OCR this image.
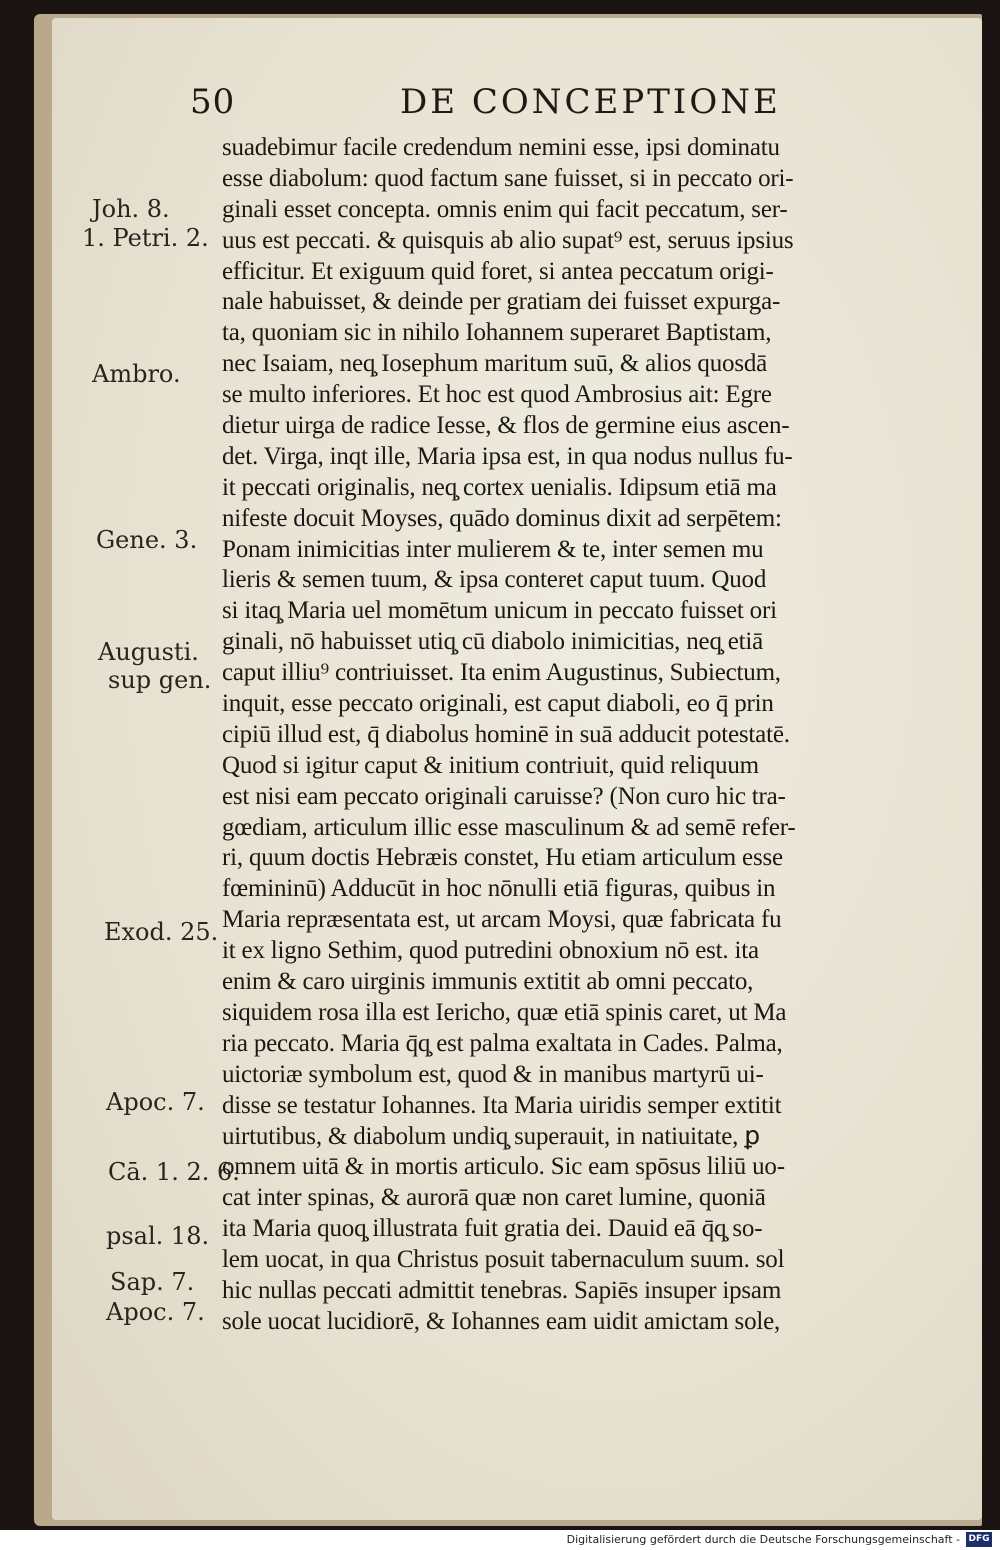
50	DE CONCEPTIONE
suadebimur facile credendum nemini esse, ipsi dominatu
esse diabolum: quod factum sane fuisset, si in peccato ori-
ginali esset concepta. omnis enim qui facit peccatum, ser-
uus est peccati. & quisquis ab alio supat⁹ est, seruus ipsius
efficitur. Et exiguum quid foret, si antea peccatum origi-
nale habuisset, & deinde per gratiam dei fuisset expurga-
ta, quoniam sic in nihilo Iohannem superaret Baptistam,
nec Isaiam, neq̧ Iosephum maritum suū, & alios quosdā
se multo inferiores. Et hoc est quod Ambrosius ait: Egre
dietur uirga de radice Iesse, & flos de germine eius ascen-
det. Virga, inqt ille, Maria ipsa est, in qua nodus nullus fu-
it peccati originalis, neq̧ cortex uenialis. Idipsum etiā ma
nifeste docuit Moyses, quādo dominus dixit ad serpētem:
Ponam inimicitias inter mulierem & te, inter semen mu
lieris & semen tuum, & ipsa conteret caput tuum. Quod
si itaq̧ Maria uel momētum unicum in peccato fuisset ori
ginali, nō habuisset utiq̧ cū diabolo inimicitias, neq̧ etiā
caput illiu⁹ contriuisset. Ita enim Augustinus, Subiectum,
inquit, esse peccato originali, est caput diaboli, eo q̄ prin
cipiū illud est, q̄ diabolus hominē in suā adducit potestatē.
Quod si igitur caput & initium contriuit, quid reliquum
est nisi eam peccato originali caruisse? (Non curo hic tra-
gœdiam, articulum illic esse masculinum & ad semē refer-
ri, quum doctis Hebræis constet, Hu etiam articulum esse
fœmininū) Adducūt in hoc nōnulli etiā figuras, quibus in
Maria repræsentata est, ut arcam Moysi, quæ fabricata fu
it ex ligno Sethim, quod putredini obnoxium nō est. ita
enim & caro uirginis immunis extitit ab omni peccato,
siquidem rosa illa est Iericho, quæ etiā spinis caret, ut Ma
ria peccato. Maria q̄q̧ est palma exaltata in Cades. Palma,
uictoriæ symbolum est, quod & in manibus martyrū ui-
disse se testatur Iohannes. Ita Maria uiridis semper extitit
uirtutibus, & diabolum undiq̧ superauit, in natiuitate, ꝑ
omnem uitā & in mortis articulo. Sic eam spōsus liliū uo-
cat inter spinas, & aurorā quæ non caret lumine, quoniā
ita Maria quoq̧ illustrata fuit gratia dei. Dauid eā q̄q̧ so-
lem uocat, in qua Christus posuit tabernaculum suum. sol
hic nullas peccati admittit tenebras. Sapiēs insuper ipsam
sole uocat lucidiorē, & Iohannes eam uidit amictam sole,
Joh. 8.
1. Petri. 2.
Ambro.
Gene. 3.
Augusti.
sup gen.
Exod. 25.
Apoc. 7.
Cā. 1. 2. 6.
psal. 18.
Sap. 7.
Apoc. 7.
Digitalisierung gefördert durch die Deutsche Forschungsgemeinschaft - DFG
